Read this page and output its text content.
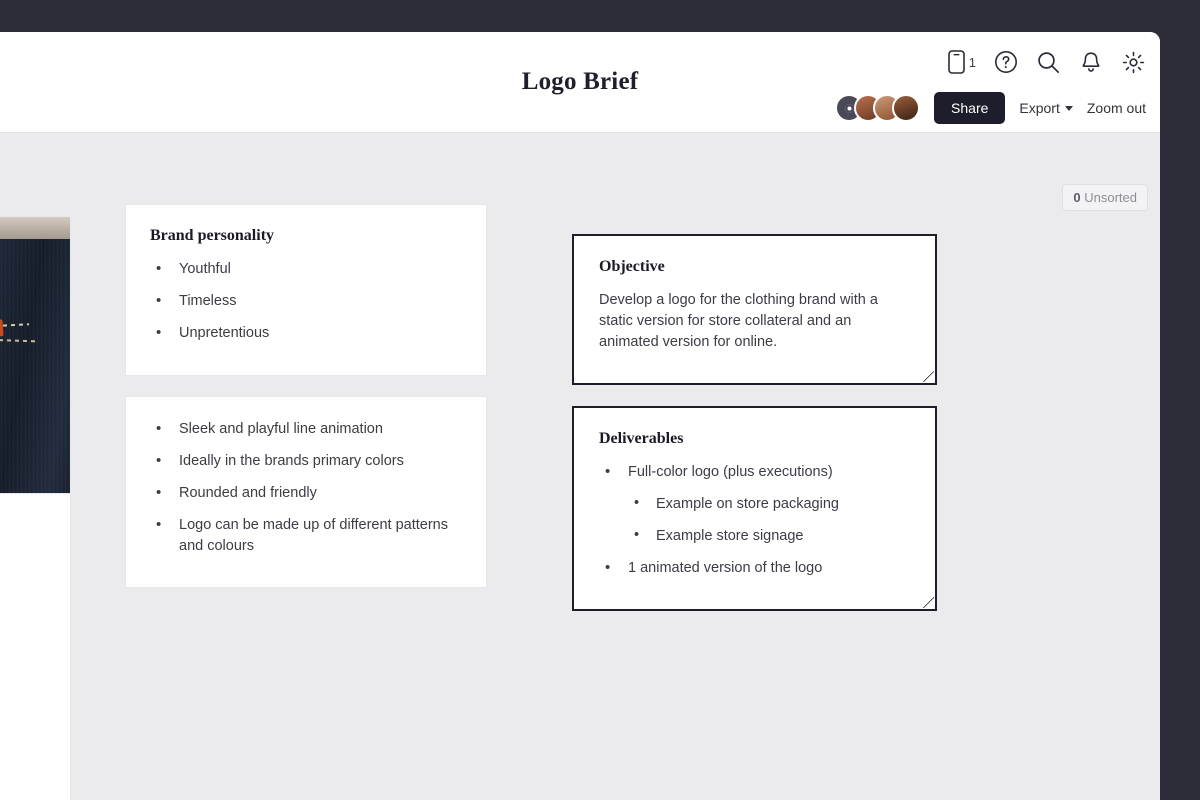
1
Logo Brief
Share	Export Zoom out
0 Unsorted
Brand personality
• Youthful
• Timeless
• Unpretentious
• Sleek and playful line animation
• Ideally in the brands primary colors
• Rounded and friendly
• Logo can be made up of different patterns and colours
Objective
Develop a logo for the clothing brand with a static version for store collateral and an animated version for online.
Deliverables
• Full-color logo (plus executions)
• Example on store packaging
• Example store signage
• 1 animated version of the logo
